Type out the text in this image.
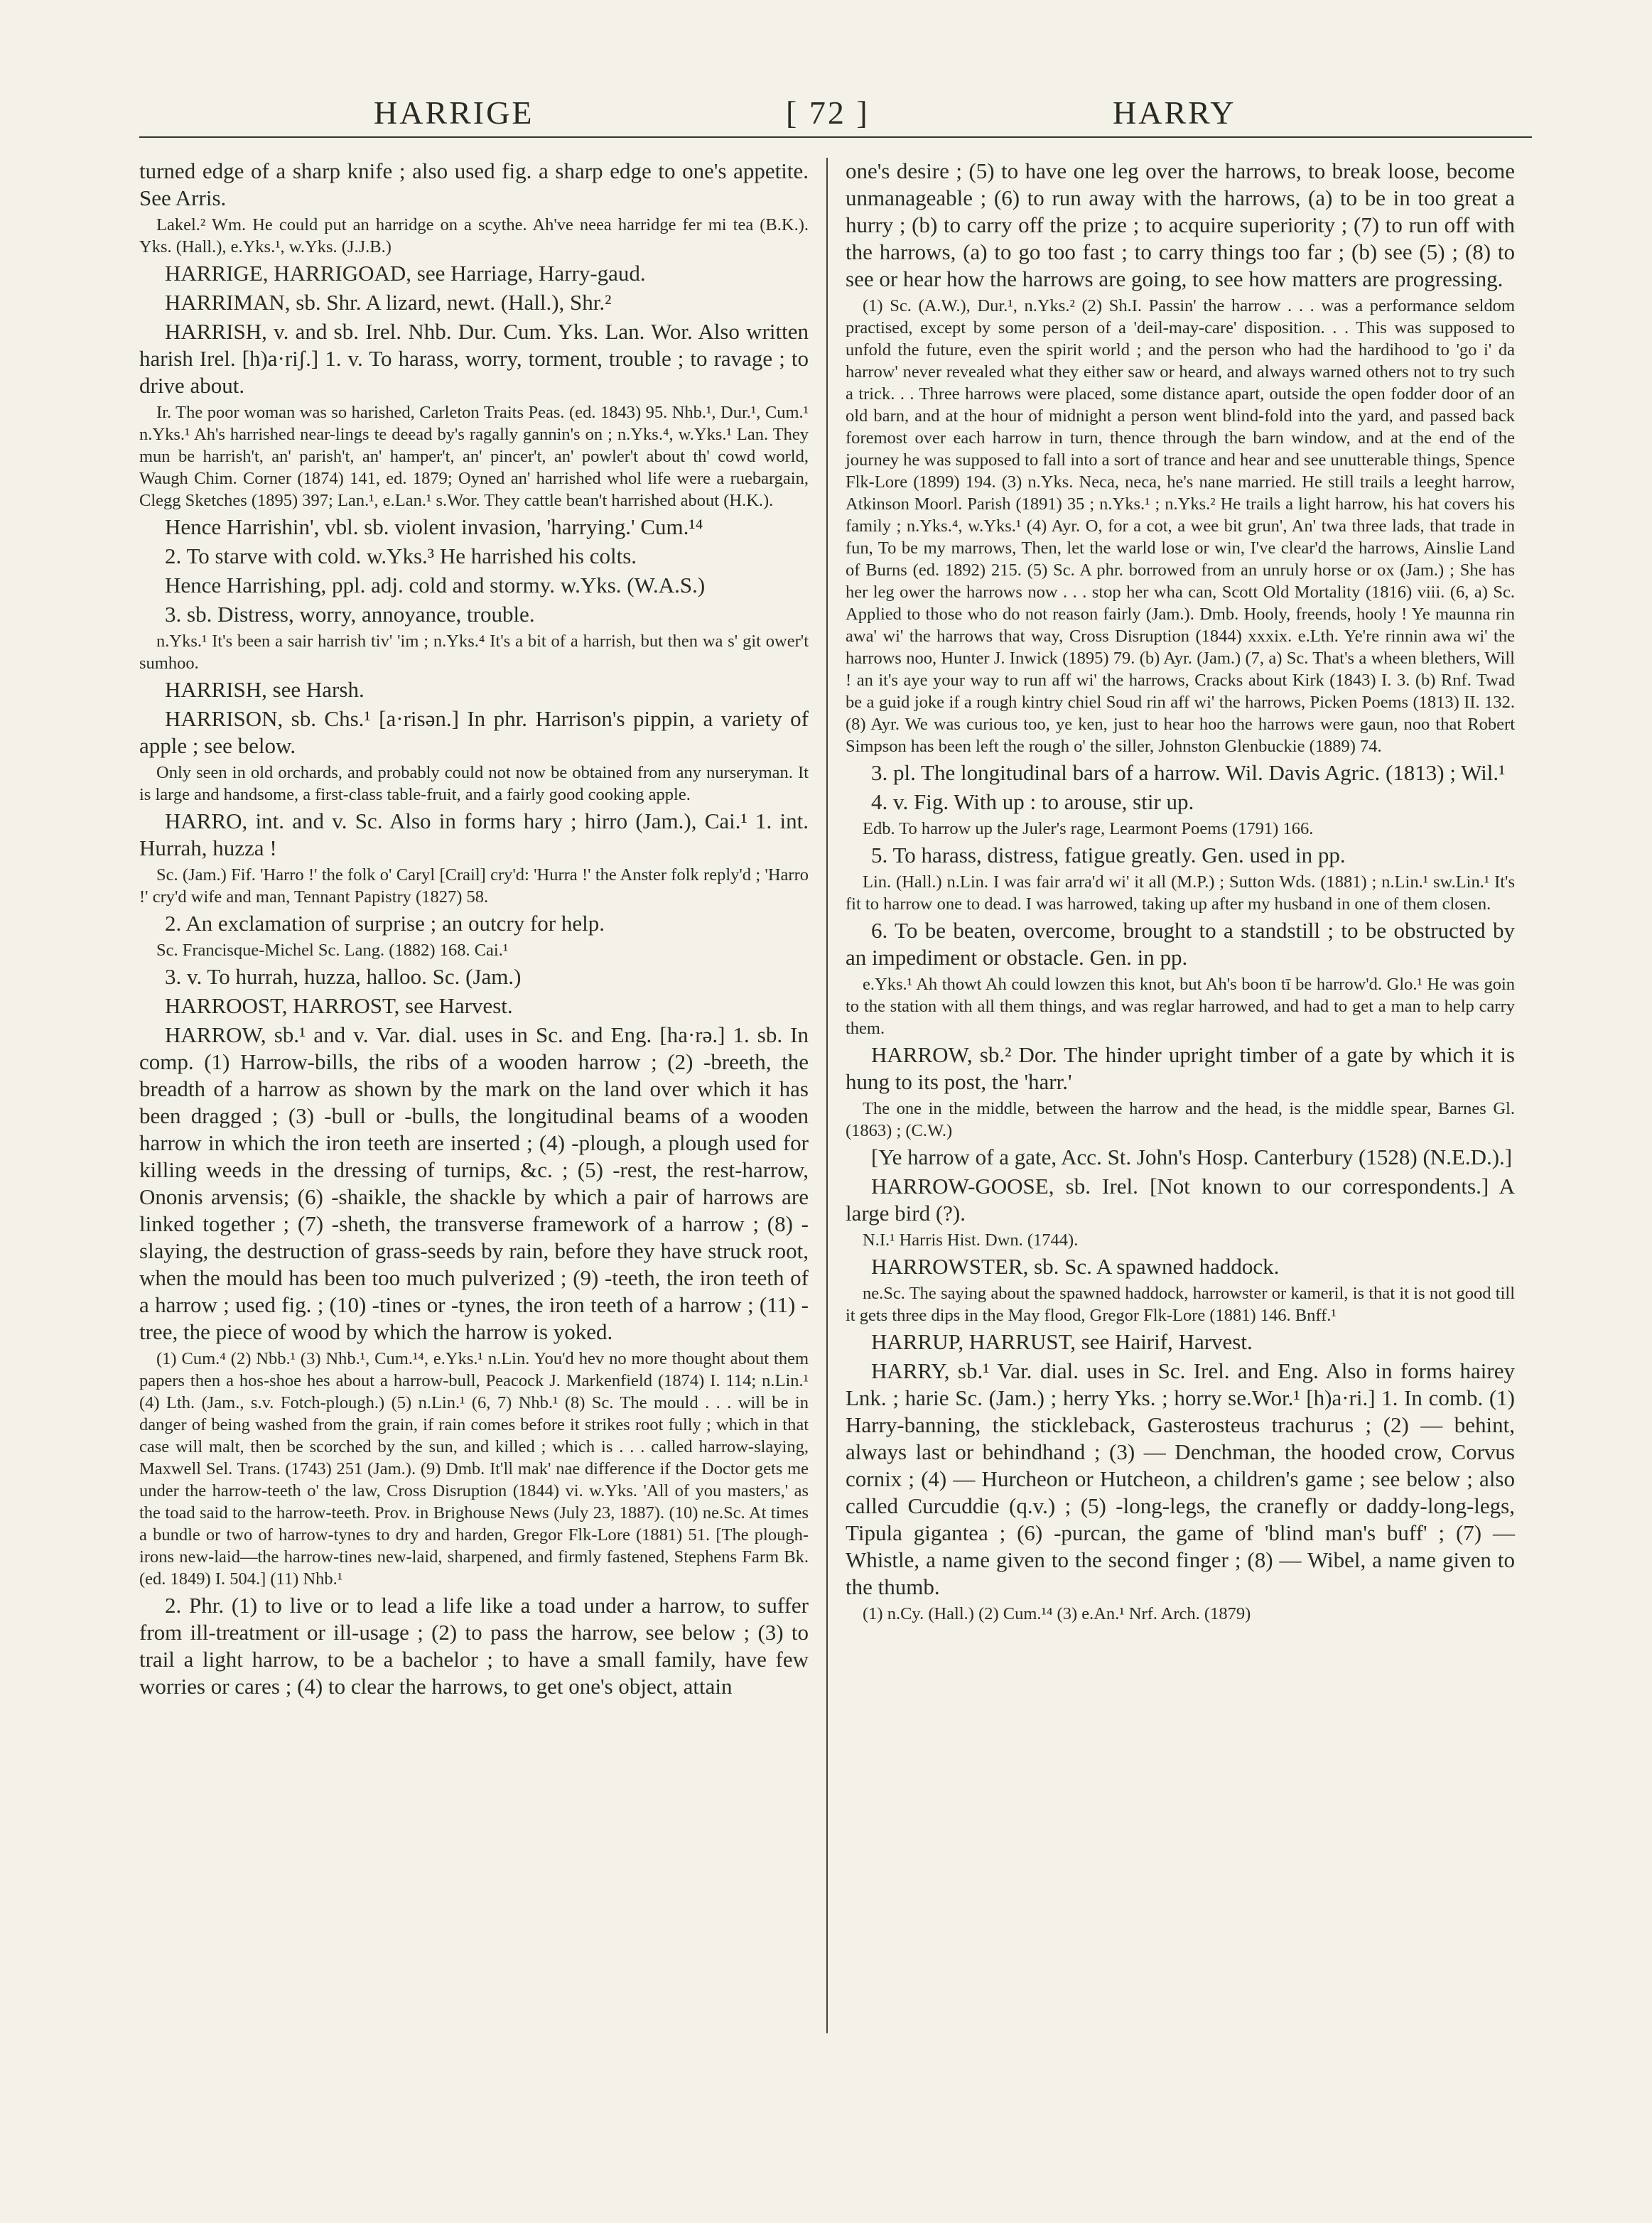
HARRIGE	[ 72 ]	HARRY

turned edge of a sharp knife ; also used fig. a sharp edge to one's appetite. See Arris.

Lakel.² Wm. He could put an harridge on a scythe. Ah've neea harridge fer mi tea (B.K.). Yks. (Hall.), e.Yks.¹, w.Yks. (J.J.B.)

HARRIGE, HARRIGOAD, see Harriage, Harry-gaud.

HARRIMAN, sb. Shr. A lizard, newt. (Hall.), Shr.²

HARRISH, v. and sb. Irel. Nhb. Dur. Cum. Yks. Lan. Wor. Also written harish Irel. [h)a·riʃ.] 1. v. To harass, worry, torment, trouble ; to ravage ; to drive about.

Ir. The poor woman was so harished, Carleton Traits Peas. (ed. 1843) 95. Nhb.¹, Dur.¹, Cum.¹ n.Yks.¹ Ah's harrished near-lings te deead by's ragally gannin's on ; n.Yks.⁴, w.Yks.¹ Lan. They mun be harrish't, an' parish't, an' hamper't, an' pincer't, an' powler't about th' cowd world, Waugh Chim. Corner (1874) 141, ed. 1879; Oyned an' harrished whol life were a ruebargain, Clegg Sketches (1895) 397; Lan.¹, e.Lan.¹ s.Wor. They cattle bean't harrished about (H.K.).

Hence Harrishin', vbl. sb. violent invasion, 'harrying.' Cum.¹⁴

2. To starve with cold. w.Yks.³ He harrished his colts.

Hence Harrishing, ppl. adj. cold and stormy. w.Yks. (W.A.S.)

3. sb. Distress, worry, annoyance, trouble.

n.Yks.¹ It's been a sair harrish tiv' 'im ; n.Yks.⁴ It's a bit of a harrish, but then wa s' git ower't sumhoo.

HARRISH, see Harsh.

HARRISON, sb. Chs.¹ [a·risən.] In phr. Harrison's pippin, a variety of apple ; see below.

Only seen in old orchards, and probably could not now be obtained from any nurseryman. It is large and handsome, a first-class table-fruit, and a fairly good cooking apple.

HARRO, int. and v. Sc. Also in forms hary ; hirro (Jam.), Cai.¹ 1. int. Hurrah, huzza !

Sc. (Jam.) Fif. 'Harro !' the folk o' Caryl [Crail] cry'd: 'Hurra !' the Anster folk reply'd ; 'Harro !' cry'd wife and man, Tennant Papistry (1827) 58.

2. An exclamation of surprise ; an outcry for help.

Sc. Francisque-Michel Sc. Lang. (1882) 168. Cai.¹

3. v. To hurrah, huzza, halloo. Sc. (Jam.)

HARROOST, HARROST, see Harvest.

HARROW, sb.¹ and v. Var. dial. uses in Sc. and Eng. [ha·rə.] 1. sb. In comp. (1) Harrow-bills, the ribs of a wooden harrow ; (2) -breeth, the breadth of a harrow as shown by the mark on the land over which it has been dragged ; (3) -bull or -bulls, the longitudinal beams of a wooden harrow in which the iron teeth are inserted ; (4) -plough, a plough used for killing weeds in the dressing of turnips, &c. ; (5) -rest, the rest-harrow, Ononis arvensis; (6) -shaikle, the shackle by which a pair of harrows are linked together ; (7) -sheth, the transverse framework of a harrow ; (8) -slaying, the destruction of grass-seeds by rain, before they have struck root, when the mould has been too much pulverized ; (9) -teeth, the iron teeth of a harrow ; used fig. ; (10) -tines or -tynes, the iron teeth of a harrow ; (11) -tree, the piece of wood by which the harrow is yoked.

(1) Cum.⁴ (2) Nbb.¹ (3) Nhb.¹, Cum.¹⁴, e.Yks.¹ n.Lin. You'd hev no more thought about them papers then a hos-shoe hes about a harrow-bull, Peacock J. Markenfield (1874) I. 114; n.Lin.¹ (4) Lth. (Jam., s.v. Fotch-plough.) (5) n.Lin.¹ (6, 7) Nhb.¹ (8) Sc. The mould . . . will be in danger of being washed from the grain, if rain comes before it strikes root fully ; which in that case will malt, then be scorched by the sun, and killed ; which is . . . called harrow-slaying, Maxwell Sel. Trans. (1743) 251 (Jam.). (9) Dmb. It'll mak' nae difference if the Doctor gets me under the harrow-teeth o' the law, Cross Disruption (1844) vi. w.Yks. 'All of you masters,' as the toad said to the harrow-teeth. Prov. in Brighouse News (July 23, 1887). (10) ne.Sc. At times a bundle or two of harrow-tynes to dry and harden, Gregor Flk-Lore (1881) 51. [The plough-irons new-laid—the harrow-tines new-laid, sharpened, and firmly fastened, Stephens Farm Bk. (ed. 1849) I. 504.] (11) Nhb.¹

2. Phr. (1) to live or to lead a life like a toad under a harrow, to suffer from ill-treatment or ill-usage ; (2) to pass the harrow, see below ; (3) to trail a light harrow, to be a bachelor ; to have a small family, have few worries or cares ; (4) to clear the harrows, to get one's object, attain

one's desire ; (5) to have one leg over the harrows, to break loose, become unmanageable ; (6) to run away with the harrows, (a) to be in too great a hurry ; (b) to carry off the prize ; to acquire superiority ; (7) to run off with the harrows, (a) to go too fast ; to carry things too far ; (b) see (5) ; (8) to see or hear how the harrows are going, to see how matters are progressing.

(1) Sc. (A.W.), Dur.¹, n.Yks.² (2) Sh.I. Passin' the harrow . . . was a performance seldom practised, except by some person of a 'deil-may-care' disposition. . . This was supposed to unfold the future, even the spirit world ; and the person who had the hardihood to 'go i' da harrow' never revealed what they either saw or heard, and always warned others not to try such a trick. . . Three harrows were placed, some distance apart, outside the open fodder door of an old barn, and at the hour of midnight a person went blind-fold into the yard, and passed back foremost over each harrow in turn, thence through the barn window, and at the end of the journey he was supposed to fall into a sort of trance and hear and see unutterable things, Spence Flk-Lore (1899) 194. (3) n.Yks. Neca, neca, he's nane married. He still trails a leeght harrow, Atkinson Moorl. Parish (1891) 35 ; n.Yks.¹ ; n.Yks.² He trails a light harrow, his hat covers his family ; n.Yks.⁴, w.Yks.¹ (4) Ayr. O, for a cot, a wee bit grun', An' twa three lads, that trade in fun, To be my marrows, Then, let the warld lose or win, I've clear'd the harrows, Ainslie Land of Burns (ed. 1892) 215. (5) Sc. A phr. borrowed from an unruly horse or ox (Jam.) ; She has her leg ower the harrows now . . . stop her wha can, Scott Old Mortality (1816) viii. (6, a) Sc. Applied to those who do not reason fairly (Jam.). Dmb. Hooly, freends, hooly ! Ye maunna rin awa' wi' the harrows that way, Cross Disruption (1844) xxxix. e.Lth. Ye're rinnin awa wi' the harrows noo, Hunter J. Inwick (1895) 79. (b) Ayr. (Jam.) (7, a) Sc. That's a wheen blethers, Will ! an it's aye your way to run aff wi' the harrows, Cracks about Kirk (1843) I. 3. (b) Rnf. Twad be a guid joke if a rough kintry chiel Soud rin aff wi' the harrows, Picken Poems (1813) II. 132. (8) Ayr. We was curious too, ye ken, just to hear hoo the harrows were gaun, noo that Robert Simpson has been left the rough o' the siller, Johnston Glenbuckie (1889) 74.

3. pl. The longitudinal bars of a harrow. Wil. Davis Agric. (1813) ; Wil.¹

4. v. Fig. With up : to arouse, stir up.

Edb. To harrow up the Juler's rage, Learmont Poems (1791) 166.

5. To harass, distress, fatigue greatly. Gen. used in pp.

Lin. (Hall.) n.Lin. I was fair arra'd wi' it all (M.P.) ; Sutton Wds. (1881) ; n.Lin.¹ sw.Lin.¹ It's fit to harrow one to dead. I was harrowed, taking up after my husband in one of them closen.

6. To be beaten, overcome, brought to a standstill ; to be obstructed by an impediment or obstacle. Gen. in pp.

e.Yks.¹ Ah thowt Ah could lowzen this knot, but Ah's boon tī be harrow'd. Glo.¹ He was goin to the station with all them things, and was reglar harrowed, and had to get a man to help carry them.

HARROW, sb.² Dor. The hinder upright timber of a gate by which it is hung to its post, the 'harr.'

The one in the middle, between the harrow and the head, is the middle spear, Barnes Gl. (1863) ; (C.W.)

[Ye harrow of a gate, Acc. St. John's Hosp. Canterbury (1528) (N.E.D.).]

HARROW-GOOSE, sb. Irel. [Not known to our correspondents.] A large bird (?).

N.I.¹ Harris Hist. Dwn. (1744).

HARROWSTER, sb. Sc. A spawned haddock.

ne.Sc. The saying about the spawned haddock, harrowster or kameril, is that it is not good till it gets three dips in the May flood, Gregor Flk-Lore (1881) 146. Bnff.¹

HARRUP, HARRUST, see Hairif, Harvest.

HARRY, sb.¹ Var. dial. uses in Sc. Irel. and Eng. Also in forms hairey Lnk. ; harie Sc. (Jam.) ; herry Yks. ; horry se.Wor.¹ [h)a·ri.] 1. In comb. (1) Harry-banning, the stickleback, Gasterosteus trachurus ; (2) — behint, always last or behindhand ; (3) — Denchman, the hooded crow, Corvus cornix ; (4) — Hurcheon or Hutcheon, a children's game ; see below ; also called Curcuddie (q.v.) ; (5) -long-legs, the cranefly or daddy-long-legs, Tipula gigantea ; (6) -purcan, the game of 'blind man's buff' ; (7) — Whistle, a name given to the second finger ; (8) — Wibel, a name given to the thumb.

(1) n.Cy. (Hall.) (2) Cum.¹⁴ (3) e.An.¹ Nrf. Arch. (1879)
